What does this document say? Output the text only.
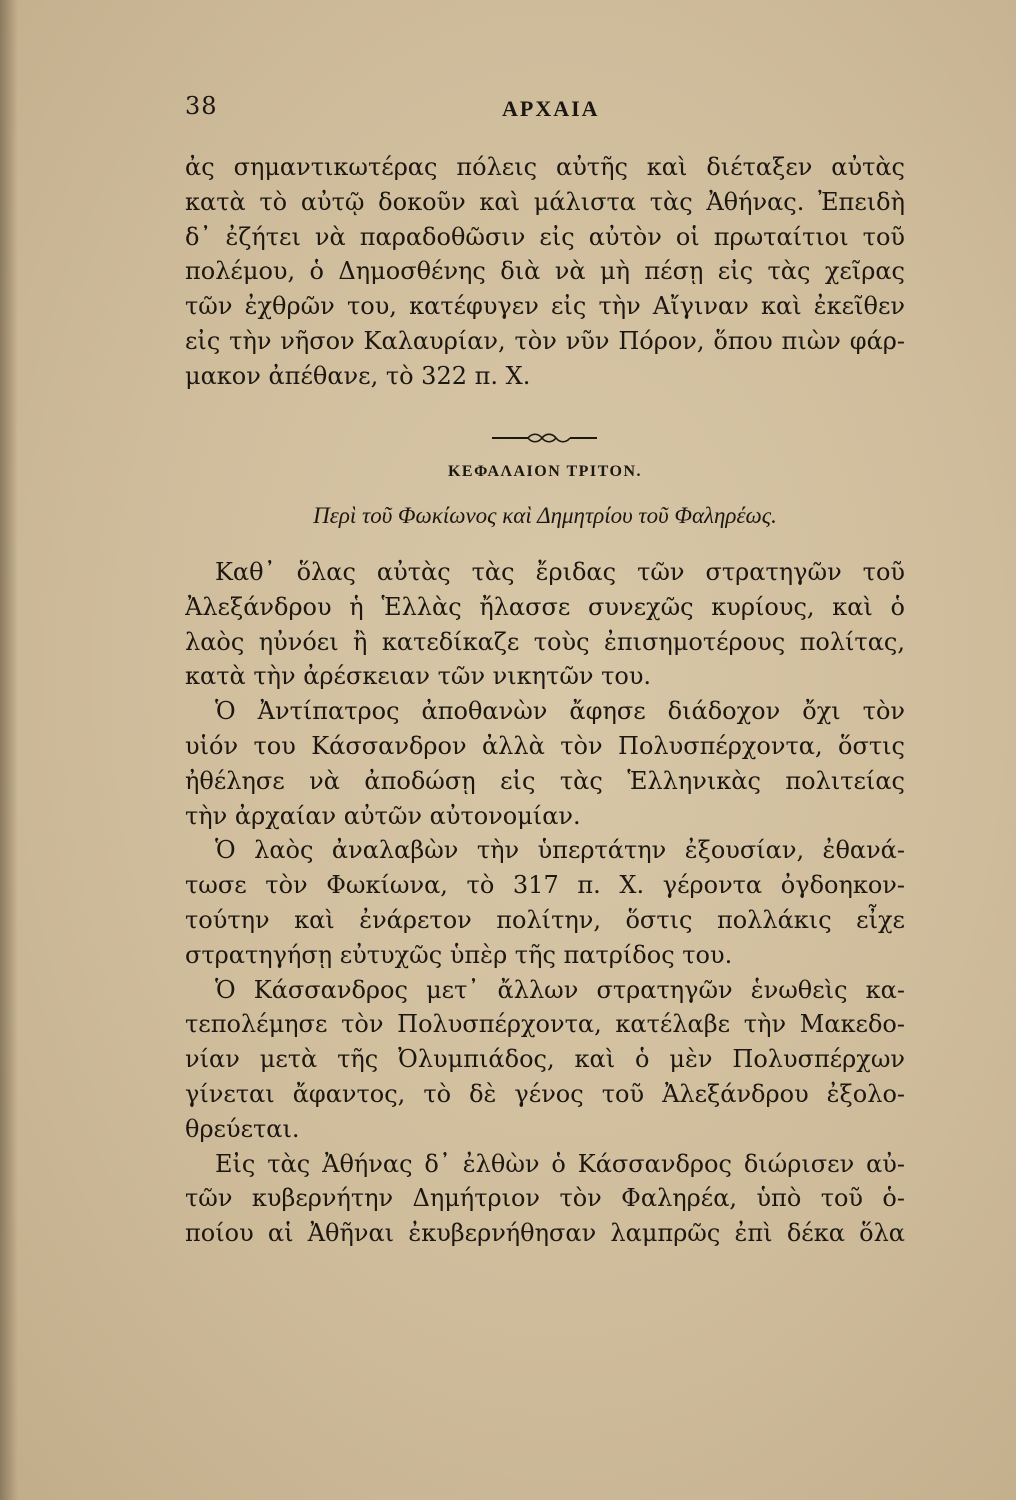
38	ΑΡΧΑΙΑ
ἀς σημαντικωτέρας πόλεις αὐτῆς καὶ διέταξεν αὐτὰς
κατὰ τὸ αὐτῷ δοκοῦν καὶ μάλιστα τὰς Ἀθήνας. Ἐπειδὴ
δ᾿ ἐζήτει νὰ παραδοθῶσιν εἰς αὐτὸν οἱ πρωταίτιοι τοῦ
πολέμου, ὁ Δημοσθένης διὰ νὰ μὴ πέσῃ εἰς τὰς χεῖρας
τῶν ἐχθρῶν του, κατέφυγεν εἰς τὴν Αἴγιναν καὶ ἐκεῖθεν
εἰς τὴν νῆσον Καλαυρίαν, τὸν νῦν Πόρον, ὅπου πιὼν φάρ-
μακον ἀπέθανε, τὸ 322 π. Χ.
ΚΕΦΑΛΑΙΟΝ ΤΡΙΤΟΝ.
Περὶ τοῦ Φωκίωνος καὶ Δημητρίου τοῦ Φαληρέως.
Καθ᾿ ὅλας αὐτὰς τὰς ἔριδας τῶν στρατηγῶν τοῦ
Ἀλεξάνδρου ἡ Ἑλλὰς ἤλασσε συνεχῶς κυρίους, καὶ ὁ
λαὸς ηὐνόει ἢ κατεδίκαζε τοὺς ἐπισημοτέρους πολίτας,
κατὰ τὴν ἀρέσκειαν τῶν νικητῶν του.
Ὁ Ἀντίπατρος ἀποθανὼν ἄφησε διάδοχον ὄχι τὸν
υἱόν του Κάσσανδρον ἀλλὰ τὸν Πολυσπέρχοντα, ὅστις
ἠθέλησε νὰ ἀποδώσῃ εἰς τὰς Ἑλληνικὰς πολιτείας
τὴν ἀρχαίαν αὐτῶν αὐτονομίαν.
Ὁ λαὸς ἀναλαβὼν τὴν ὑπερτάτην ἐξουσίαν, ἐθανά-
τωσε τὸν Φωκίωνα, τὸ 317 π. Χ. γέροντα ὀγδοηκον-
τούτην καὶ ἐνάρετον πολίτην, ὅστις πολλάκις εἶχε
στρατηγήσῃ εὐτυχῶς ὑπὲρ τῆς πατρίδος του.
Ὁ Κάσσανδρος μετ᾿ ἄλλων στρατηγῶν ἑνωθεὶς κα-
τεπολέμησε τὸν Πολυσπέρχοντα, κατέλαβε τὴν Μακεδο-
νίαν μετὰ τῆς Ὀλυμπιάδος, καὶ ὁ μὲν Πολυσπέρχων
γίνεται ἄφαντος, τὸ δὲ γένος τοῦ Ἀλεξάνδρου ἐξολο-
θρεύεται.
Εἰς τὰς Ἀθήνας δ᾿ ἐλθὼν ὁ Κάσσανδρος διώρισεν αὐ-
τῶν κυβερνήτην Δημήτριον τὸν Φαληρέα, ὑπὸ τοῦ ὁ-
ποίου αἱ Ἀθῆναι ἐκυβερνήθησαν λαμπρῶς ἐπὶ δέκα ὅλα
